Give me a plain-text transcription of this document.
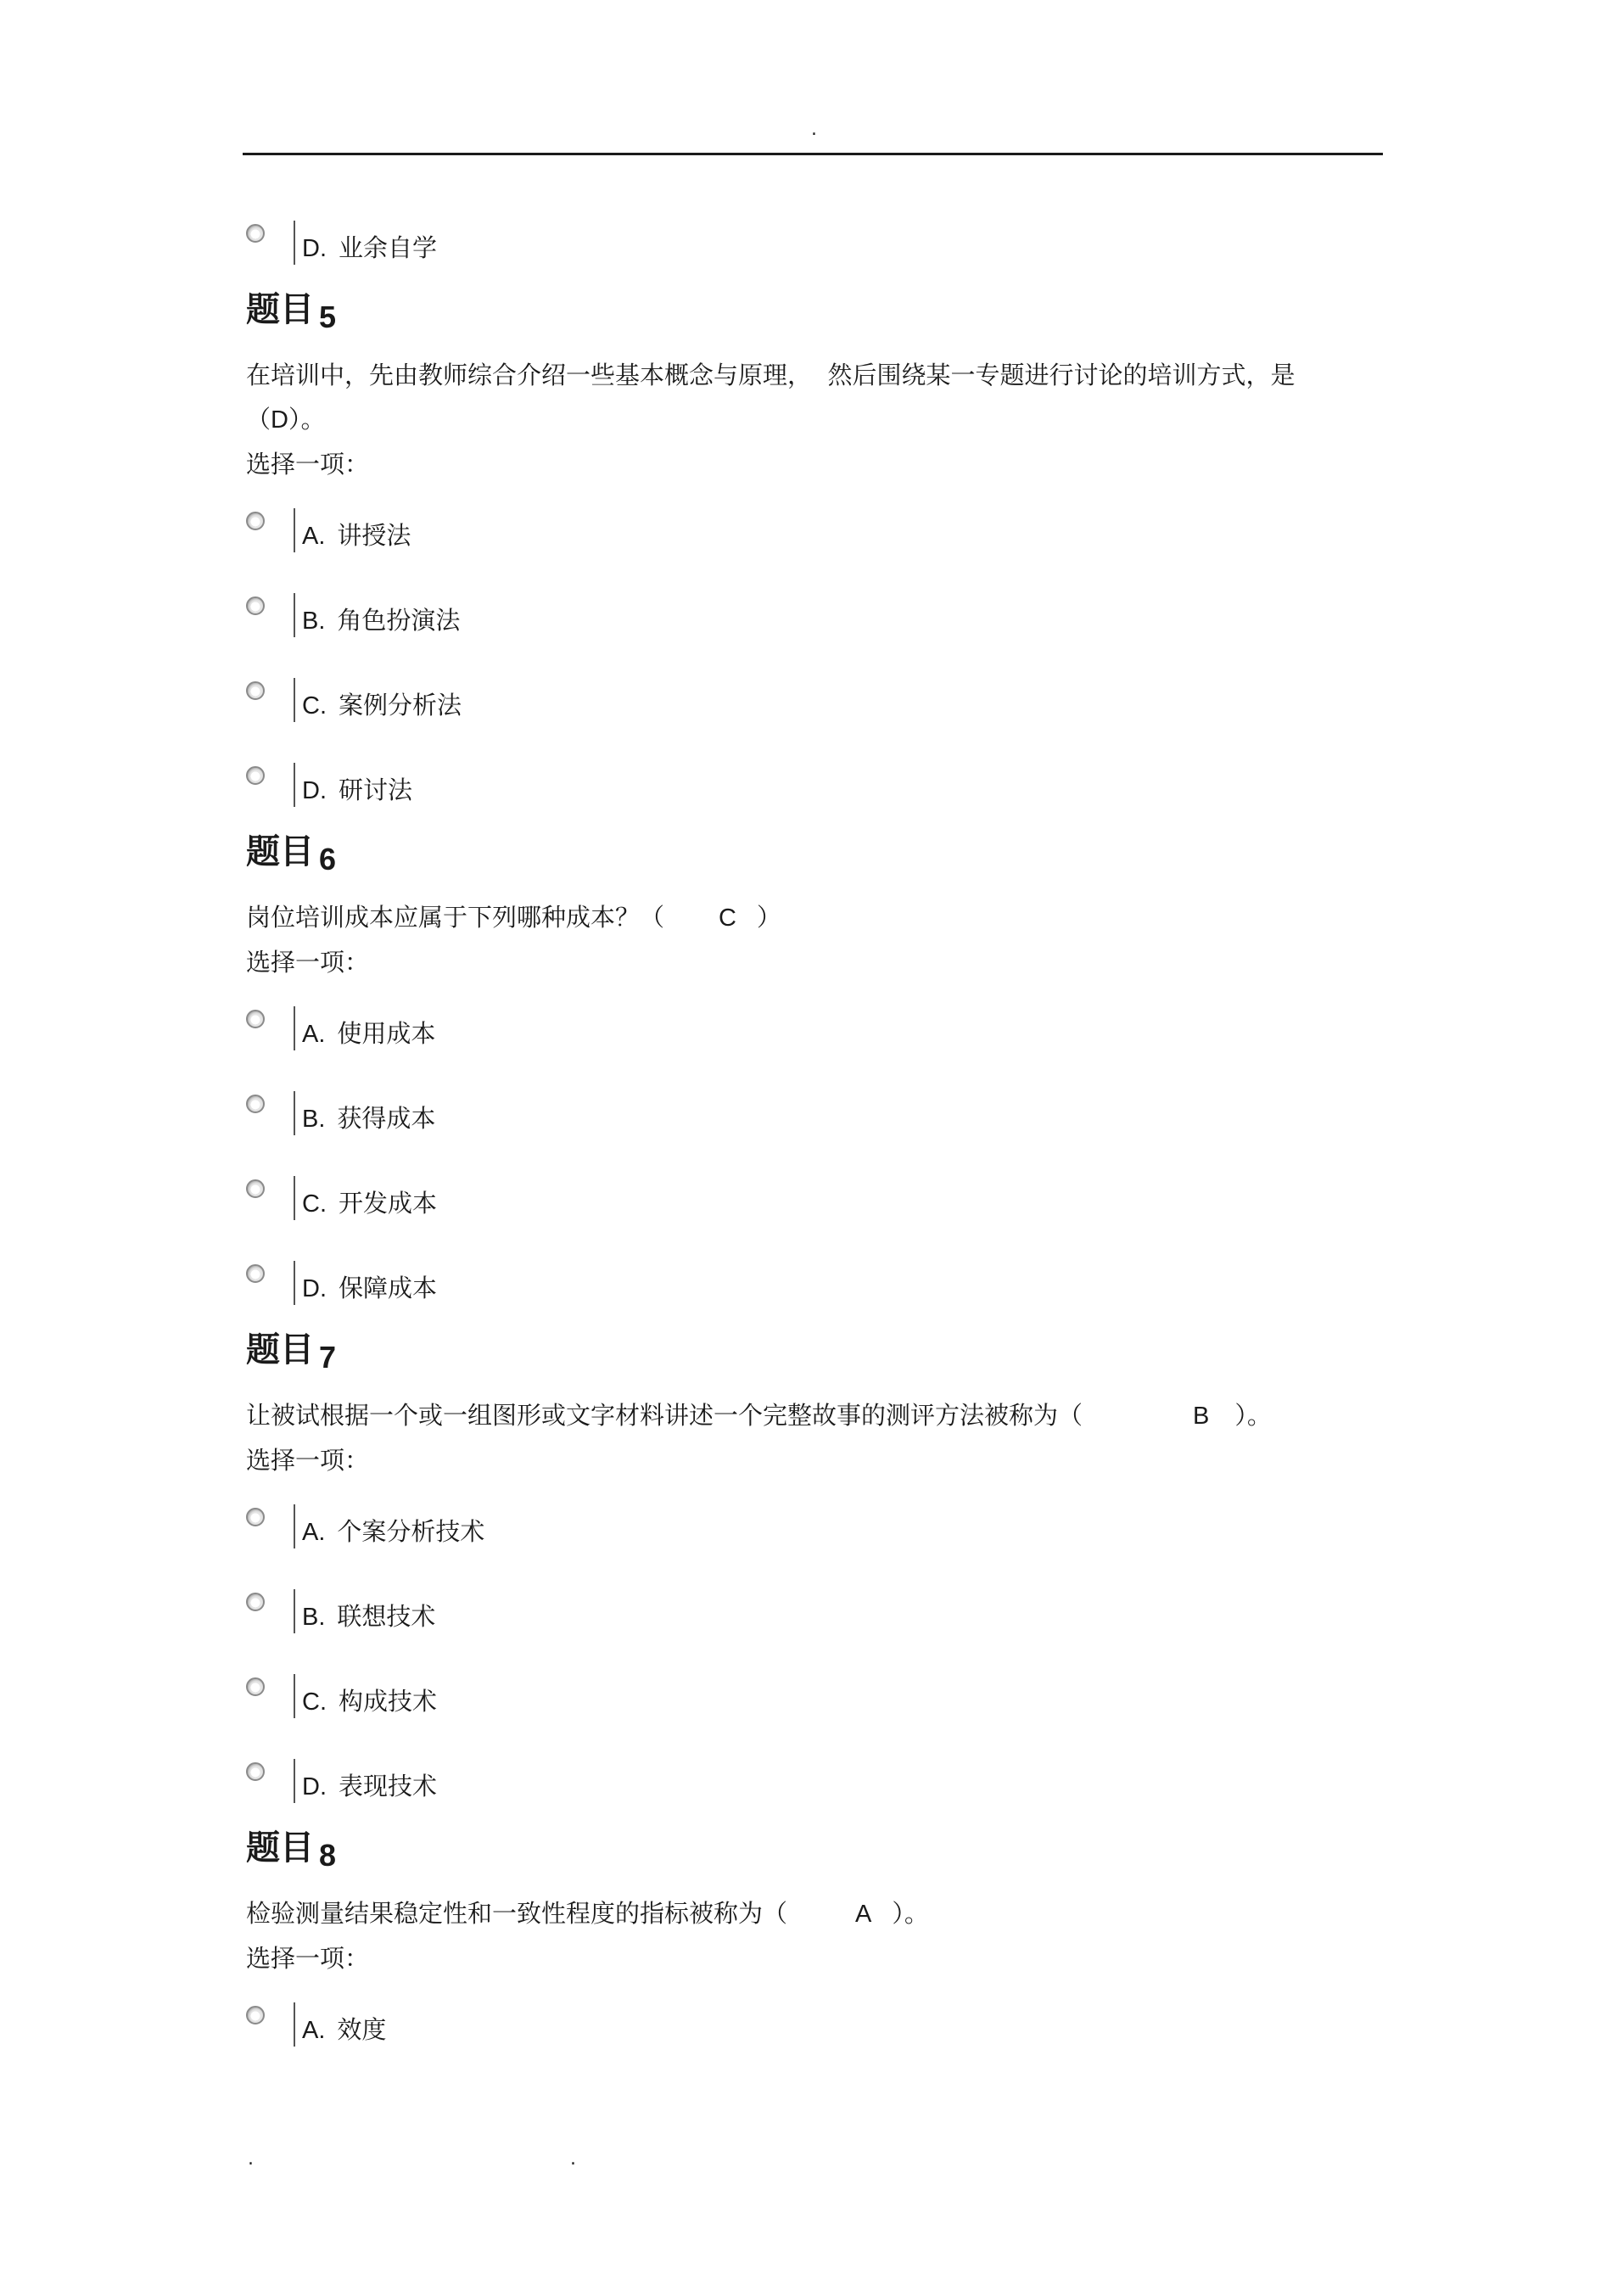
.
D. 业余自学
题目 5

在培训中，先由教师综合介绍一些基本概念与原理，  然后围绕某一专题进行讨论的培训方式，是
（D）。

选择一项：

A. 讲授法
B. 角色扮演法
C. 案例分析法
D. 研讨法
题目 6

岗位培训成本应属于下列哪种成本？（ C ）

选择一项：

A. 使用成本
B. 获得成本
C. 开发成本
D. 保障成本
题目 7

让被试根据一个或一组图形或文字材料讲述一个完整故事的测评方法被称为（	B ）。

选择一项：

A. 个案分析技术
B. 联想技术
C. 构成技术
D. 表现技术
题目 8

检验测量结果稳定性和一致性程度的指标被称为（	A ）。

选择一项：

A. 效度
.	.
